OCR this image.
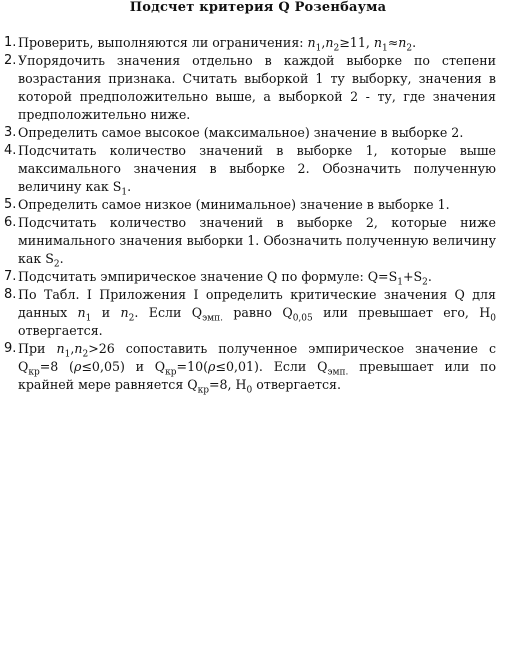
Подсчет критерия Q Розенбаума
1. Проверить, выполняются ли ограничения: $n_1,n_2\ge 11$, $n_1\approx n_2$.
2. Упорядочить значения отдельно в каждой выборке по степени возрастания признака. Считать выборкой 1 ту выборку, значения в которой предположительно выше, а выборкой 2 - ту, где значения предположительно ниже.
3. Определить самое высокое (максимальное) значение в выборке 2.
4. Подсчитать количество значений в выборке 1, которые выше максимального значения в выборке 2. Обозначить полученную величину как $S_1$.
5. Определить самое низкое (минимальное) значение в выборке 1.
6. Подсчитать количество значений в выборке 2, которые ниже минимального значения выборки 1. Обозначить полученную величину как $S_2$.
7. Подсчитать эмпирическое значение Q по формуле: $Q=S_1+S_2$.
8. По Табл. I Приложения I определить критические значения Q для данных $n_1$ и $n_2$. Если $Q_{эмп.}$ равно $Q_{0,05}$ или превышает его, $H_0$ отвергается.
9. При $n_1,n_2>26$ сопоставить полученное эмпирическое значение с $Q_{кр}=8$ (ρ≤0,05) и $Q_{кр}=10(\rho\le 0,01)$. Если $Q_{эмп.}$ превышает или по крайней мере равняется $Q_{кр}=8$, $H_0$ отвергается.
